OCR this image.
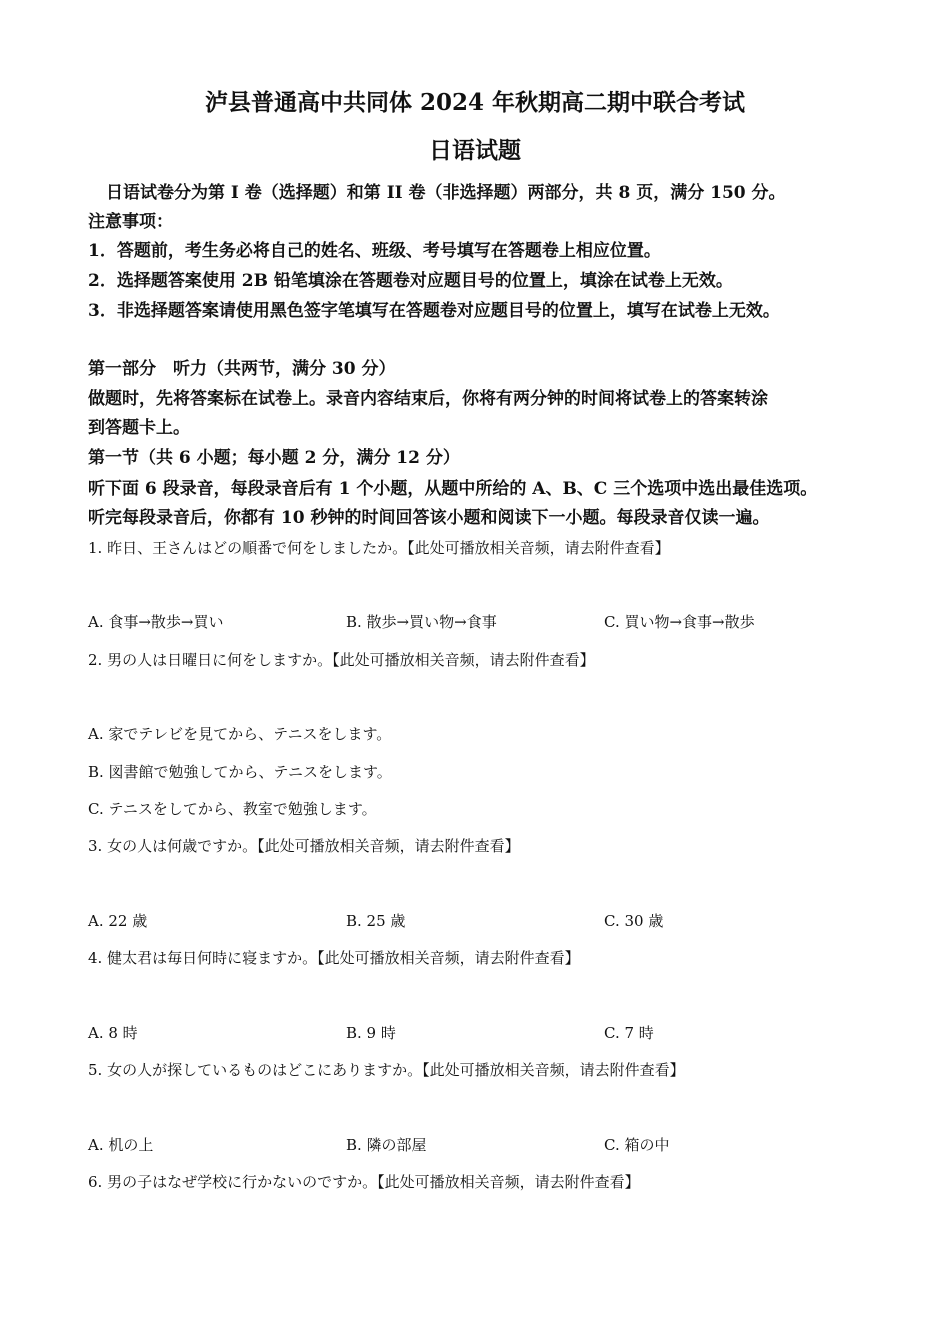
泸县普通高中共同体 2024 年秋期高二期中联合考试
日语试题
日语试卷分为第 I 卷（选择题）和第 II 卷（非选择题）两部分，共 8 页，满分 150 分。
注意事项：
1．答题前，考生务必将自己的姓名、班级、考号填写在答题卷上相应位置。
2．选择题答案使用 2B 铅笔填涂在答题卷对应题目号的位置上，填涂在试卷上无效。
3．非选择题答案请使用黑色签字笔填写在答题卷对应题目号的位置上，填写在试卷上无效。
第一部分　听力（共两节，满分 30 分）
做题时，先将答案标在试卷上。录音内容结束后，你将有两分钟的时间将试卷上的答案转涂
到答题卡上。
第一节（共 6 小题；每小题 2 分，满分 12 分）
听下面 6 段录音，每段录音后有 1 个小题，从题中所给的 A、B、C 三个选项中选出最佳选项。
听完每段录音后，你都有 10 秒钟的时间回答该小题和阅读下一小题。每段录音仅读一遍。
1. 昨日、王さんはどの順番で何をしましたか。【此处可播放相关音频，请去附件查看】
A. 食事→散歩→買い	B. 散歩→買い物→食事	C. 買い物→食事→散歩
2. 男の人は日曜日に何をしますか。【此处可播放相关音频，请去附件查看】
A. 家でテレビを見てから、テニスをします。
B. 図書館で勉強してから、テニスをします。
C. テニスをしてから、教室で勉強します。
3. 女の人は何歳ですか。【此处可播放相关音频，请去附件查看】
A. 22 歳	B. 25 歳	C. 30 歳
4. 健太君は毎日何時に寝ますか。【此处可播放相关音频，请去附件查看】
A. 8 時	B. 9 時	C. 7 時
5. 女の人が探しているものはどこにありますか。【此处可播放相关音频，请去附件查看】
A. 机の上	B. 隣の部屋	C. 箱の中
6. 男の子はなぜ学校に行かないのですか。【此处可播放相关音频，请去附件查看】
